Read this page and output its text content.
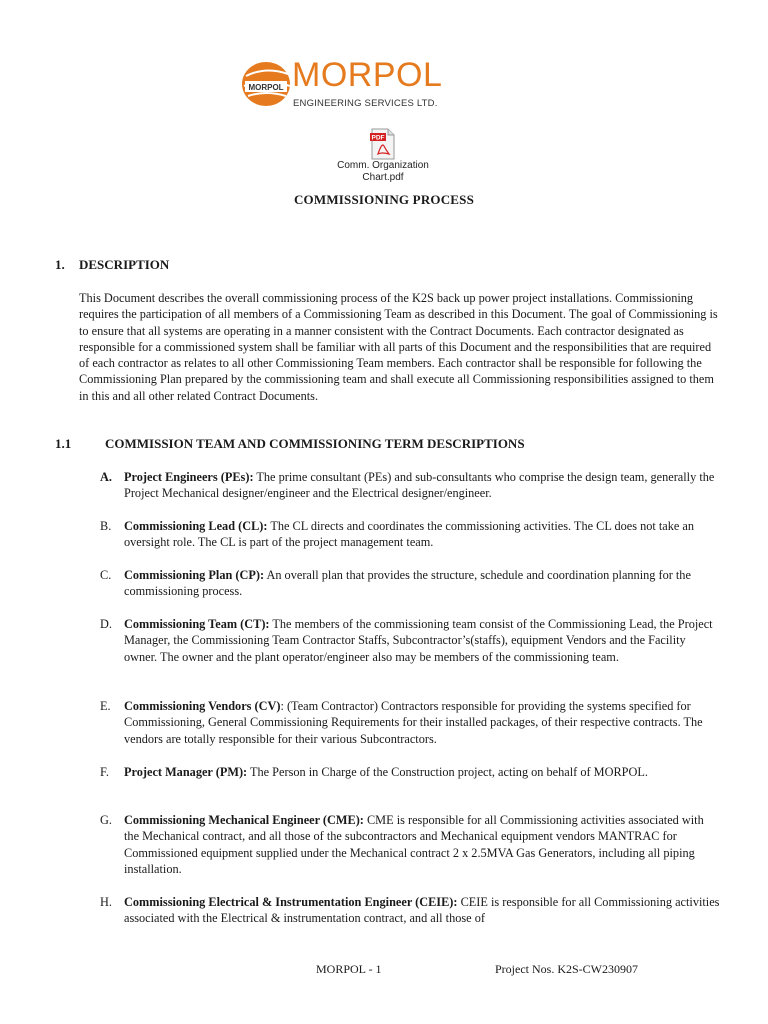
MORPOL MORPOL
ENGINEERING SERVICES LTD.
PDF
Comm. Organization
Chart.pdf
COMMISSIONING PROCESS
1. DESCRIPTION
This Document describes the overall commissioning process of the K2S back up power project installations. Commissioning requires the participation of all members of a Commissioning Team as described in this Document. The goal of Commissioning is to ensure that all systems are operating in a manner consistent with the Contract Documents. Each contractor designated as responsible for a commissioned system shall be familiar with all parts of this Document and the responsibilities that are required of each contractor as relates to all other Commissioning Team members. Each contractor shall be responsible for following the Commissioning Plan prepared by the commissioning team and shall execute all Commissioning responsibilities assigned to them in this and all other related Contract Documents.
1.1	COMMISSION TEAM AND COMMISSIONING TERM DESCRIPTIONS
A. Project Engineers (PEs): The prime consultant (PEs) and sub-consultants who comprise the design team, generally the Project Mechanical designer/engineer and the Electrical designer/engineer.
B.	Commissioning Lead (CL): The CL directs and coordinates the commissioning activities. The CL does not take an oversight role. The CL is part of the project management team.
C.	Commissioning Plan (CP): An overall plan that provides the structure, schedule and coordination planning for the commissioning process.
D. Commissioning Team (CT): The members of the commissioning team consist of the Commissioning Lead, the Project Manager, the Commissioning Team Contractor Staffs, Subcontractor’s(staffs), equipment Vendors and the Facility owner. The owner and the plant operator/engineer also may be members of the commissioning team.
E.	Commissioning Vendors (CV): (Team Contractor) Contractors responsible for providing the systems specified for Commissioning, General Commissioning Requirements for their installed packages, of their respective contracts. The vendors are totally responsible for their various Subcontractors.
F.	Project Manager (PM): The Person in Charge of the Construction project, acting on behalf of MORPOL.
G. Commissioning Mechanical Engineer (CME): CME is responsible for all Commissioning activities associated with the Mechanical contract, and all those of the subcontractors and Mechanical equipment vendors MANTRAC for Commissioned equipment supplied under the Mechanical contract 2 x 2.5MVA Gas Generators, including all piping installation.
H. Commissioning Electrical & Instrumentation Engineer (CEIE): CEIE is responsible for all Commissioning activities associated with the Electrical & instrumentation contract, and all those of
MORPOL - 1	Project Nos. K2S-CW230907
